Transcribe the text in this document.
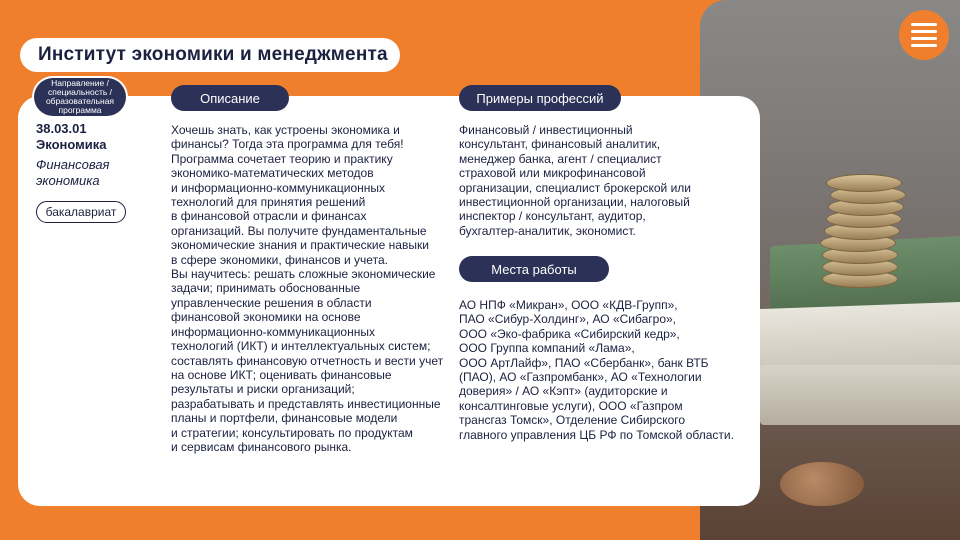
Институт экономики и менеджмента
Направление / специальность / образовательная программа
38.03.01
Экономика
Финансовая экономика
бакалавриат
Описание
Хочешь знать, как устроены экономика и
финансы? Тогда эта программа для тебя!
Программа сочетает теорию и практику
экономико-математических методов
и информационно-коммуникационных
технологий для принятия решений
в финансовой отрасли и финансах
организаций. Вы получите фундаментальные
экономические знания и практические навыки
в сфере экономики, финансов и учета.
Вы научитесь: решать сложные экономические
задачи; принимать обоснованные
управленческие решения в области
финансовой экономики на основе
информационно-коммуникационных
технологий (ИКТ) и интеллектуальных систем;
составлять финансовую отчетность и вести учет
на основе ИКТ; оценивать финансовые
результаты и риски организаций;
разрабатывать и представлять инвестиционные
планы и портфели, финансовые модели
и стратегии; консультировать по продуктам
и сервисам финансового рынка.
Примеры профессий
Финансовый / инвестиционный
консультант, финансовый аналитик,
менеджер банка, агент / специалист
страховой или микрофинансовой
организации, специалист брокерской или
инвестиционной организации, налоговый
инспектор / консультант, аудитор,
бухгалтер-аналитик, экономист.
Места работы
АО НПФ «Микран», ООО «КДВ-Групп»,
ПАО «Сибур-Холдинг», АО «Сибагро»,
ООО «Эко-фабрика «Сибирский кедр»,
ООО Группа компаний «Лама»,
ООО АртЛайф», ПАО «Сбербанк», банк ВТБ
(ПАО), АО «Газпромбанк», АО «Технологии
доверия» / АО «Кэпт» (аудиторские и
консалтинговые услуги), ООО «Газпром
трансгаз Томск», Отделение Сибирского
главного управления ЦБ РФ по Томской области.
